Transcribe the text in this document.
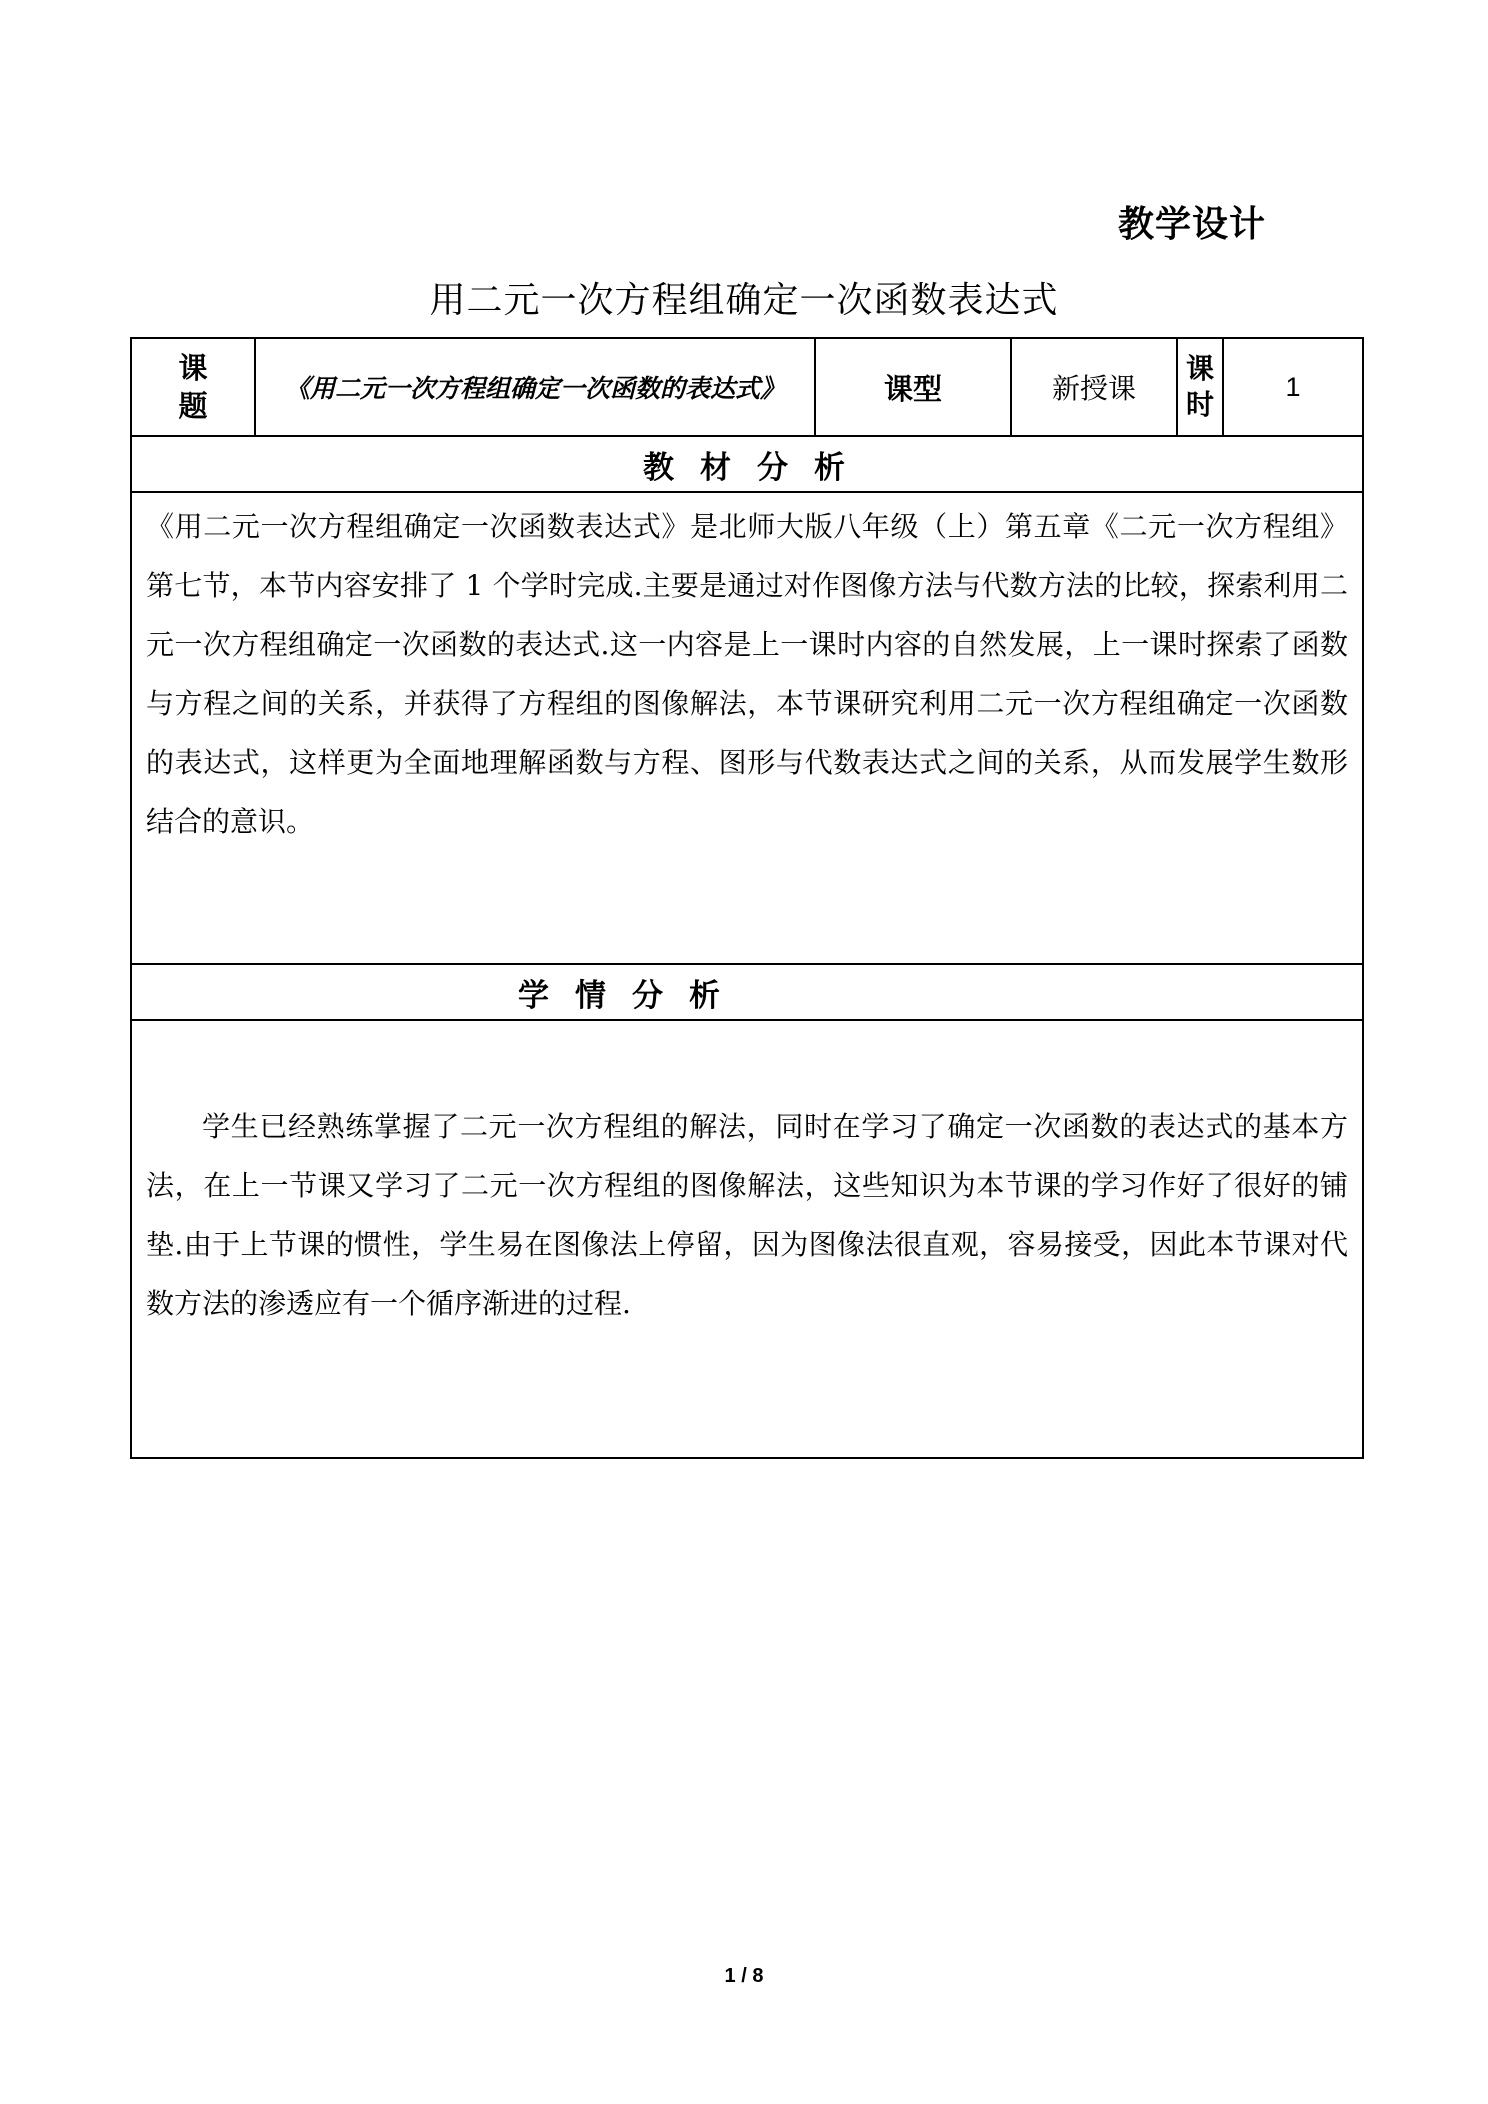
教学设计
用二元一次方程组确定一次函数表达式
课
题
《用二元一次方程组确定一次函数的表达式》	课型	新授课
课
时
1
教材分析
《用二元一次方程组确定一次函数表达式》是北师大版八年级（上）第五章《二元一次方程组》第七节，本节内容安排了 1 个学时完成.主要是通过对作图像方法与代数方法的比较，探索利用二元一次方程组确定一次函数的表达式.这一内容是上一课时内容的自然发展，上一课时探索了函数与方程之间的关系，并获得了方程组的图像解法，本节课研究利用二元一次方程组确定一次函数的表达式，这样更为全面地理解函数与方程、图形与代数表达式之间的关系，从而发展学生数形结合的意识。
学情分析
学生已经熟练掌握了二元一次方程组的解法，同时在学习了确定一次函数的表达式的基本方法，在上一节课又学习了二元一次方程组的图像解法，这些知识为本节课的学习作好了很好的铺垫.由于上节课的惯性，学生易在图像法上停留，因为图像法很直观，容易接受，因此本节课对代数方法的渗透应有一个循序渐进的过程.
1 / 8
